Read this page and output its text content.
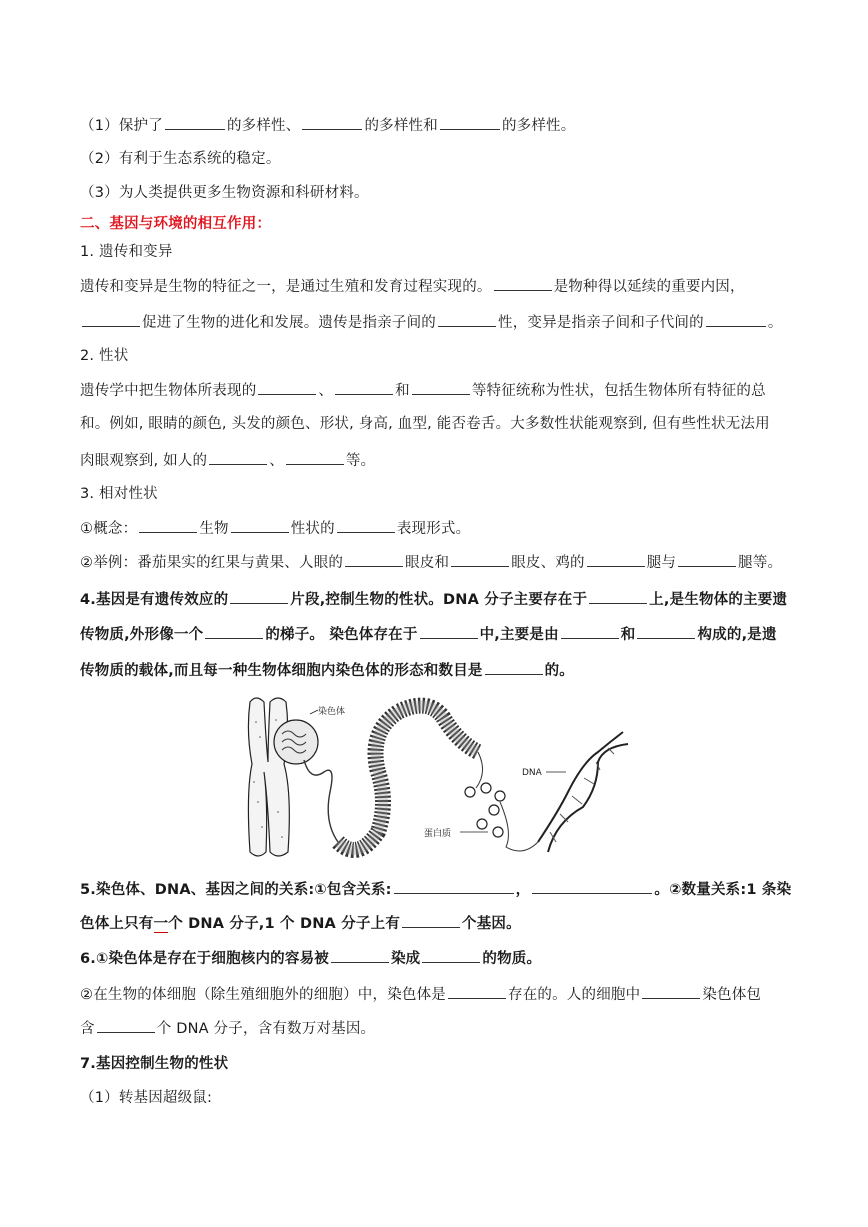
（1）保护了	的多样性、	的多样性和	的多样性。
（2）有利于生态系统的稳定。
（3）为人类提供更多生物资源和科研材料。
二、基因与环境的相互作用：
1. 遗传和变异
遗传和变异是生物的特征之一，是通过生殖和发育过程实现的。	是物种得以延续的重要内因，
促进了生物的进化和发展。遗传是指亲子间的	性，变异是指亲子间和子代间的	。
2. 性状
遗传学中把生物体所表现的	、	和	等特征统称为性状，包括生物体所有特征的总
和。例如, 眼睛的颜色, 头发的颜色、形状, 身高, 血型, 能否卷舌。大多数性状能观察到, 但有些性状无法用
肉眼观察到, 如人的	、	等。
3. 相对性状
①概念：	生物	性状的	表现形式。
②举例：番茄果实的红果与黄果、人眼的	眼皮和	眼皮、鸡的	腿与	腿等。
4.基因是有遗传效应的	片段,控制生物的性状。DNA 分子主要存在于	上,是生物体的主要遗
传物质,外形像一个	的梯子。 染色体存在于	中,主要是由	和	构成的,是遗
传物质的载体,而且每一种生物体细胞内染色体的形态和数目是	的。
染色体
蛋白质
DNA
5.染色体、DNA、基因之间的关系:①包含关系:	，	。②数量关系:1 条染
色体上只有一个 DNA 分子,1 个 DNA 分子上有	个基因。
6.①染色体是存在于细胞核内的容易被	染成	的物质。
②在生物的体细胞（除生殖细胞外的细胞）中，染色体是	存在的。人的细胞中	染色体包
含	个 DNA 分子，含有数万对基因。
7.基因控制生物的性状
（1）转基因超级鼠:
